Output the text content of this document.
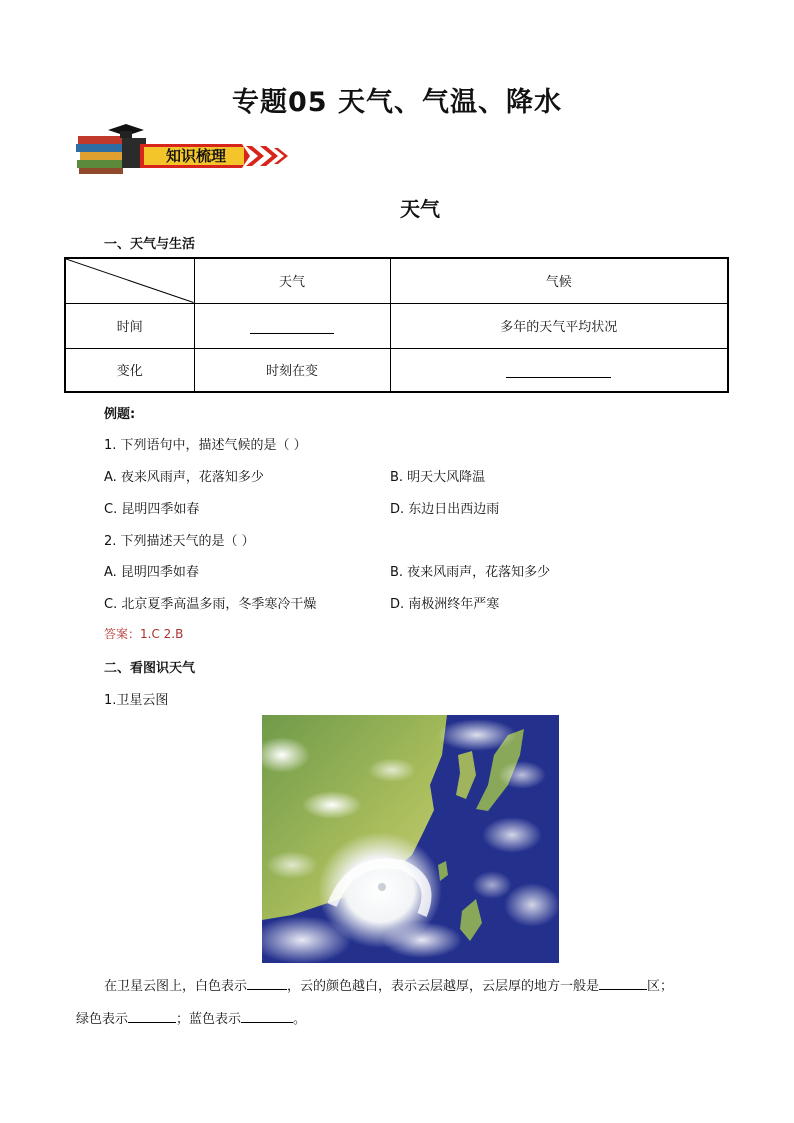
专题05 天气、气温、降水
知识梳理
天气
一、天气与生活
	天气	气候
时间		多年的天气平均状况
变化	时刻在变	
例题:
1. 下列语句中，描述气候的是（ ）
A. 夜来风雨声，花落知多少	B. 明天大风降温
C. 昆明四季如春	D. 东边日出西边雨
2. 下列描述天气的是（ ）
A. 昆明四季如春	B. 夜来风雨声，花落知多少
C. 北京夏季高温多雨，冬季寒冷干燥	D. 南极洲终年严寒
答案：1.C 2.B
二、看图识天气
1.卫星云图
在卫星云图上，白色表示	，云的颜色越白，表示云层越厚，云层厚的地方一般是	区；
绿色表示	；蓝色表示	。
